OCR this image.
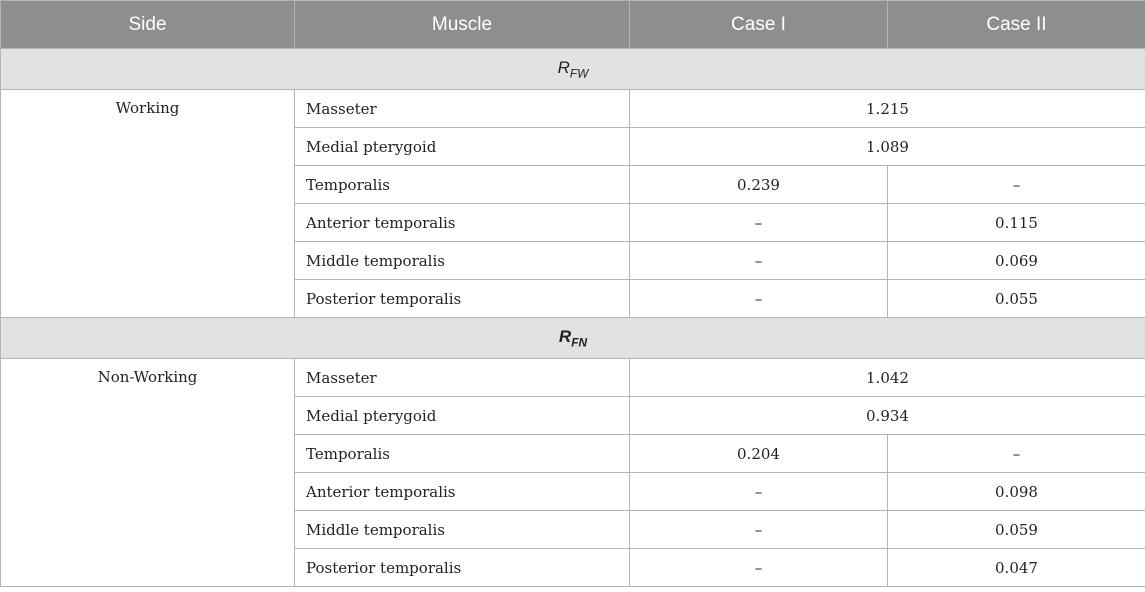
Side	Muscle	Case I	Case II
$R_{FW}$
Working	Masseter	1.215	
	Medial pterygoid	1.089	
	Temporalis	0.239	–
	Anterior temporalis	–	0.115
	Middle temporalis	–	0.069
	Posterior temporalis	–	0.055
$R_{FN}$
Non-Working	Masseter	1.042	
	Medial pterygoid	0.934	
	Temporalis	0.204	–
	Anterior temporalis	–	0.098
	Middle temporalis	–	0.059
	Posterior temporalis	–	0.047
